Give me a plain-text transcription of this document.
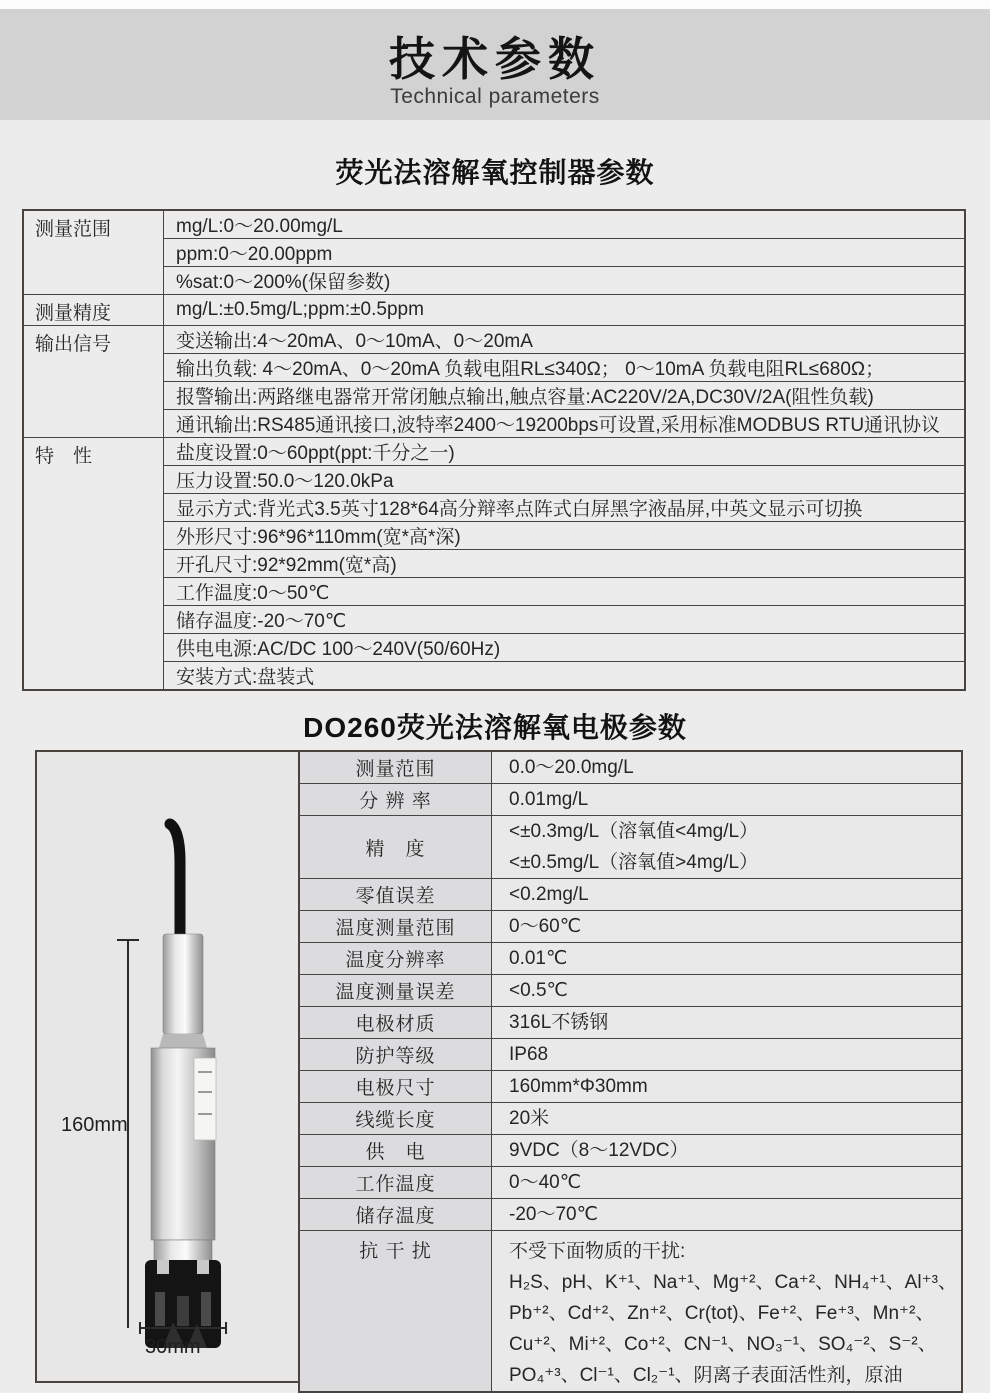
技术参数
Technical parameters
荧光法溶解氧控制器参数
测量范围	mg/L:0～20.00mg/L
	ppm:0～20.00ppm
	%sat:0～200%(保留参数)
测量精度	mg/L:±0.5mg/L;ppm:±0.5ppm
输出信号	变送输出:4～20mA、0～10mA、0～20mA
	输出负载: 4～20mA、0～20mA 负载电阻RL≤340Ω； 0～10mA 负载电阻RL≤680Ω；
	报警输出:两路继电器常开常闭触点输出,触点容量:AC220V/2A,DC30V/2A(阻性负载)
	通讯输出:RS485通讯接口,波特率2400～19200bps可设置,采用标准MODBUS RTU通讯协议
特　性	盐度设置:0～60ppt(ppt:千分之一)
	压力设置:50.0～120.0kPa
	显示方式:背光式3.5英寸128*64高分辩率点阵式白屏黑字液晶屏,中英文显示可切换
	外形尺寸:96*96*110mm(宽*高*深)
	开孔尺寸:92*92mm(宽*高)
	工作温度:0～50℃
	储存温度:-20～70℃
	供电电源:AC/DC 100～240V(50/60Hz)
	安装方式:盘装式
DO260荧光法溶解氧电极参数
160mm
30mm
测量范围	0.0～20.0mg/L

分 辨 率	0.01mg/L

精　度	<±0.3mg/L（溶氧值<4mg/L）
<±0.5mg/L（溶氧值>4mg/L）

零值误差	<0.2mg/L

温度测量范围	0～60℃

温度分辨率	0.01℃

温度测量误差	<0.5℃

电极材质	316L不锈钢

防护等级	IP68

电极尺寸	160mm*Φ30mm

线缆长度	20米

供　电	9VDC（8～12VDC）

工作温度	0～40℃

储存温度	-20～70℃

抗 干 扰	不受下面物质的干扰:
H₂S、pH、K⁺¹、Na⁺¹、Mg⁺²、Ca⁺²、NH₄⁺¹、Al⁺³、
Pb⁺²、Cd⁺²、Zn⁺²、Cr(tot)、Fe⁺²、Fe⁺³、Mn⁺²、
Cu⁺²、Mi⁺²、Co⁺²、CN⁻¹、NO₃⁻¹、SO₄⁻²、S⁻²、
PO₄⁺³、Cl⁻¹、Cl₂⁻¹、阴离子表面活性剂，原油
